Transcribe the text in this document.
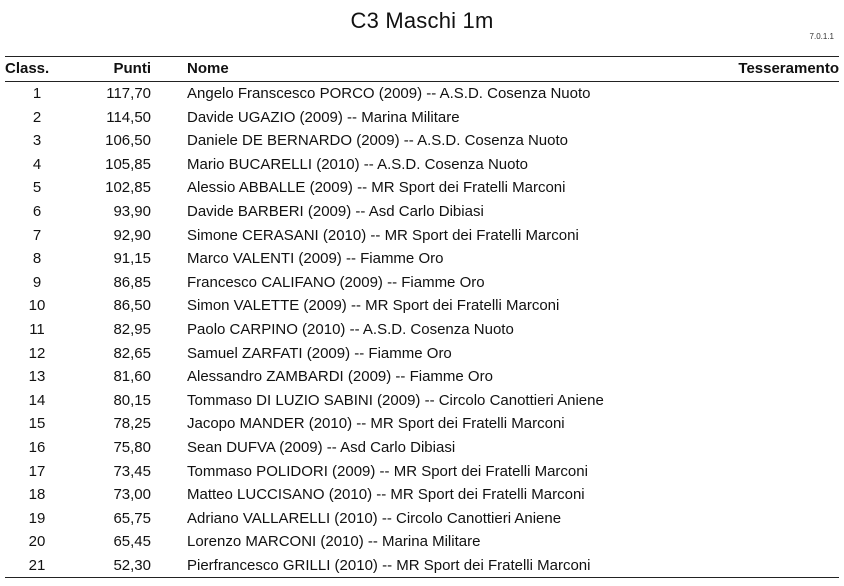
C3 Maschi 1m
7.0.1.1
Class.	Punti Nome	Tesseramento
1	117,70 Angelo Franscesco PORCO (2009) -- A.S.D. Cosenza Nuoto
2	114,50 Davide UGAZIO (2009) -- Marina Militare
3	106,50 Daniele DE BERNARDO (2009) -- A.S.D. Cosenza Nuoto
4	105,85 Mario BUCARELLI (2010) -- A.S.D. Cosenza Nuoto
5	102,85 Alessio ABBALLE (2009) -- MR Sport dei Fratelli Marconi
6	93,90 Davide BARBERI (2009) -- Asd Carlo Dibiasi
7	92,90 Simone CERASANI (2010) -- MR Sport dei Fratelli Marconi
8	91,15 Marco VALENTI (2009) -- Fiamme Oro
9	86,85 Francesco CALIFANO (2009) -- Fiamme Oro
10	86,50 Simon VALETTE (2009) -- MR Sport dei Fratelli Marconi
11	82,95 Paolo CARPINO (2010) -- A.S.D. Cosenza Nuoto
12	82,65 Samuel ZARFATI (2009) -- Fiamme Oro
13	81,60 Alessandro ZAMBARDI (2009) -- Fiamme Oro
14	80,15 Tommaso DI LUZIO SABINI (2009) -- Circolo Canottieri Aniene
15	78,25 Jacopo MANDER (2010) -- MR Sport dei Fratelli Marconi
16	75,80 Sean DUFVA (2009) -- Asd Carlo Dibiasi
17	73,45 Tommaso POLIDORI (2009) -- MR Sport dei Fratelli Marconi
18	73,00 Matteo LUCCISANO (2010) -- MR Sport dei Fratelli Marconi
19	65,75 Adriano VALLARELLI (2010) -- Circolo Canottieri Aniene
20	65,45 Lorenzo MARCONI (2010) -- Marina Militare
21	52,30 Pierfrancesco GRILLI (2010) -- MR Sport dei Fratelli Marconi
